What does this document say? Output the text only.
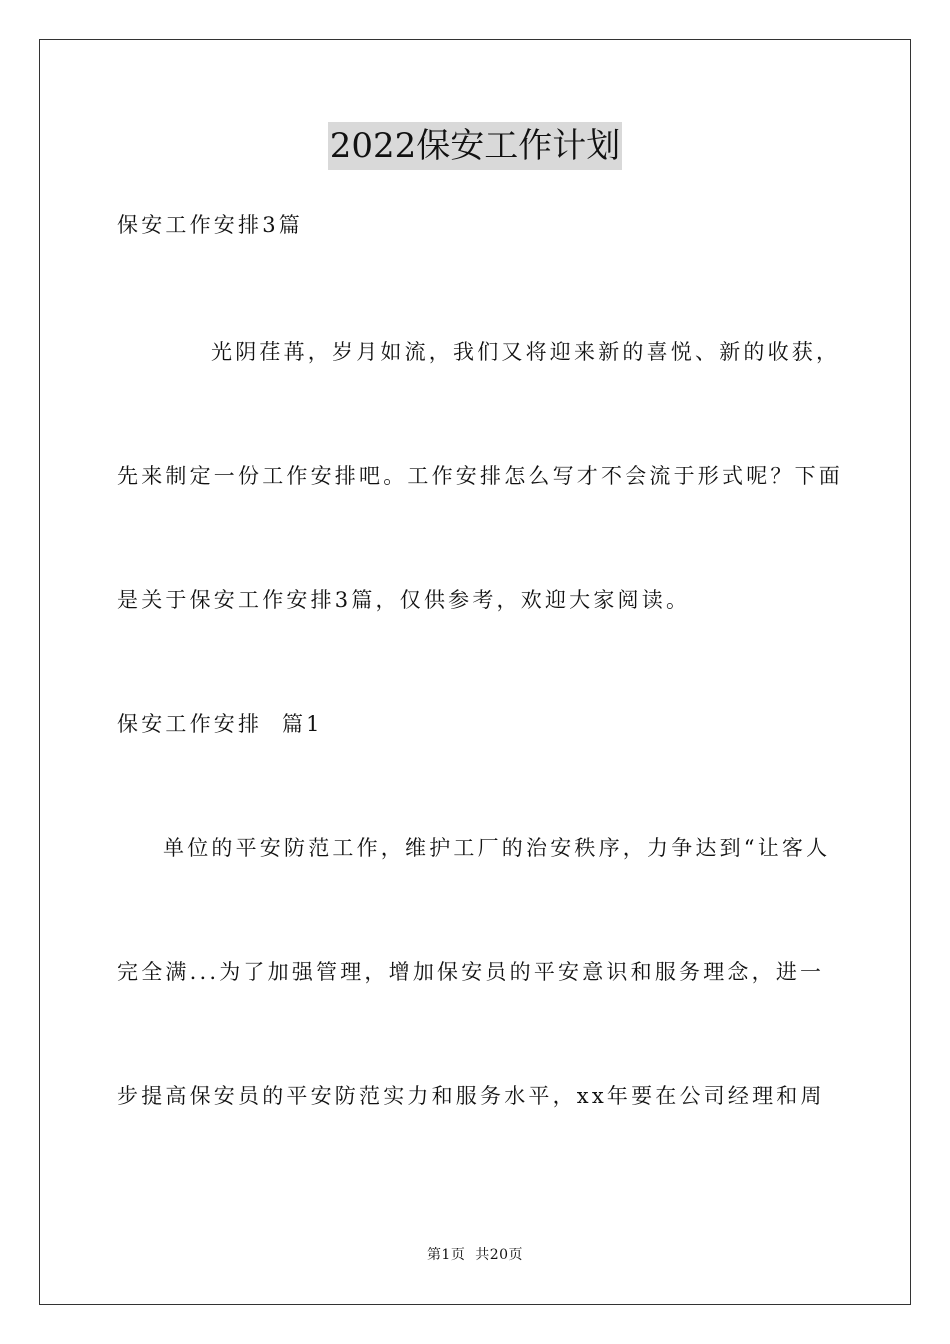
2022保安工作计划

保安工作安排3篇

光阴荏苒，岁月如流，我们又将迎来新的喜悦、新的收获，

先来制定一份工作安排吧。工作安排怎么写才不会流于形式呢？下面

是关于保安工作安排3篇，仅供参考，欢迎大家阅读。

保安工作安排  篇1

单位的平安防范工作，维护工厂的治安秩序，力争达到“让客人

完全满...为了加强管理，增加保安员的平安意识和服务理念，进一

步提高保安员的平安防范实力和服务水平，xx年要在公司经理和周

第1页  共20页
